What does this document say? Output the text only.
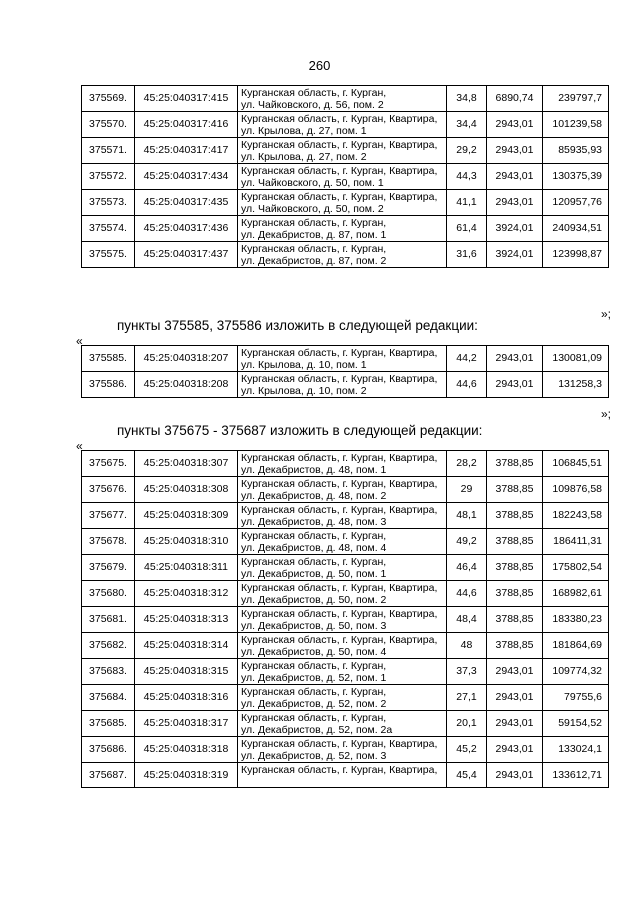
260
375569.	45:25:040317:415	Курганская область, г. Курган,
ул. Чайковского, д. 56, пом. 2	34,8	6890,74	239797,7
375570.	45:25:040317:416	Курганская область, г. Курган, Квартира,
ул. Крылова, д. 27, пом. 1	34,4	2943,01	101239,58
375571.	45:25:040317:417	Курганская область, г. Курган, Квартира,
ул. Крылова, д. 27, пом. 2	29,2	2943,01	85935,93
375572.	45:25:040317:434	Курганская область, г. Курган, Квартира,
ул. Чайковского, д. 50, пом. 1	44,3	2943,01	130375,39
375573.	45:25:040317:435	Курганская область, г. Курган, Квартира,
ул. Чайковского, д. 50, пом. 2	41,1	2943,01	120957,76
375574.	45:25:040317:436	Курганская область, г. Курган,
ул. Декабристов, д. 87, пом. 1	61,4	3924,01	240934,51
375575.	45:25:040317:437	Курганская область, г. Курган,
ул. Декабристов, д. 87, пом. 2	31,6	3924,01	123998,87
»;
пункты 375585, 375586 изложить в следующей редакции:
«
375585.	45:25:040318:207	Курганская область, г. Курган, Квартира,
ул. Крылова, д. 10, пом. 1	44,2	2943,01	130081,09
375586.	45:25:040318:208	Курганская область, г. Курган, Квартира,
ул. Крылова, д. 10, пом. 2	44,6	2943,01	131258,3
»;
пункты 375675 - 375687 изложить в следующей редакции:
«
375675.	45:25:040318:307	Курганская область, г. Курган, Квартира,
ул. Декабристов, д. 48, пом. 1	28,2	3788,85	106845,51
375676.	45:25:040318:308	Курганская область, г. Курган, Квартира,
ул. Декабристов, д. 48, пом. 2	29	3788,85	109876,58
375677.	45:25:040318:309	Курганская область, г. Курган, Квартира,
ул. Декабристов, д. 48, пом. 3	48,1	3788,85	182243,58
375678.	45:25:040318:310	Курганская область, г. Курган,
ул. Декабристов, д. 48, пом. 4	49,2	3788,85	186411,31
375679.	45:25:040318:311	Курганская область, г. Курган,
ул. Декабристов, д. 50, пом. 1	46,4	3788,85	175802,54
375680.	45:25:040318:312	Курганская область, г. Курган, Квартира,
ул. Декабристов, д. 50, пом. 2	44,6	3788,85	168982,61
375681.	45:25:040318:313	Курганская область, г. Курган, Квартира,
ул. Декабристов, д. 50, пом. 3	48,4	3788,85	183380,23
375682.	45:25:040318:314	Курганская область, г. Курган, Квартира,
ул. Декабристов, д. 50, пом. 4	48	3788,85	181864,69
375683.	45:25:040318:315	Курганская область, г. Курган,
ул. Декабристов, д. 52, пом. 1	37,3	2943,01	109774,32
375684.	45:25:040318:316	Курганская область, г. Курган,
ул. Декабристов, д. 52, пом. 2	27,1	2943,01	79755,6
375685.	45:25:040318:317	Курганская область, г. Курган,
ул. Декабристов, д. 52, пом. 2а	20,1	2943,01	59154,52
375686.	45:25:040318:318	Курганская область, г. Курган, Квартира,
ул. Декабристов, д. 52, пом. 3	45,2	2943,01	133024,1
375687.	45:25:040318:319	Курганская область, г. Курган, Квартира,	45,4	2943,01	133612,71
